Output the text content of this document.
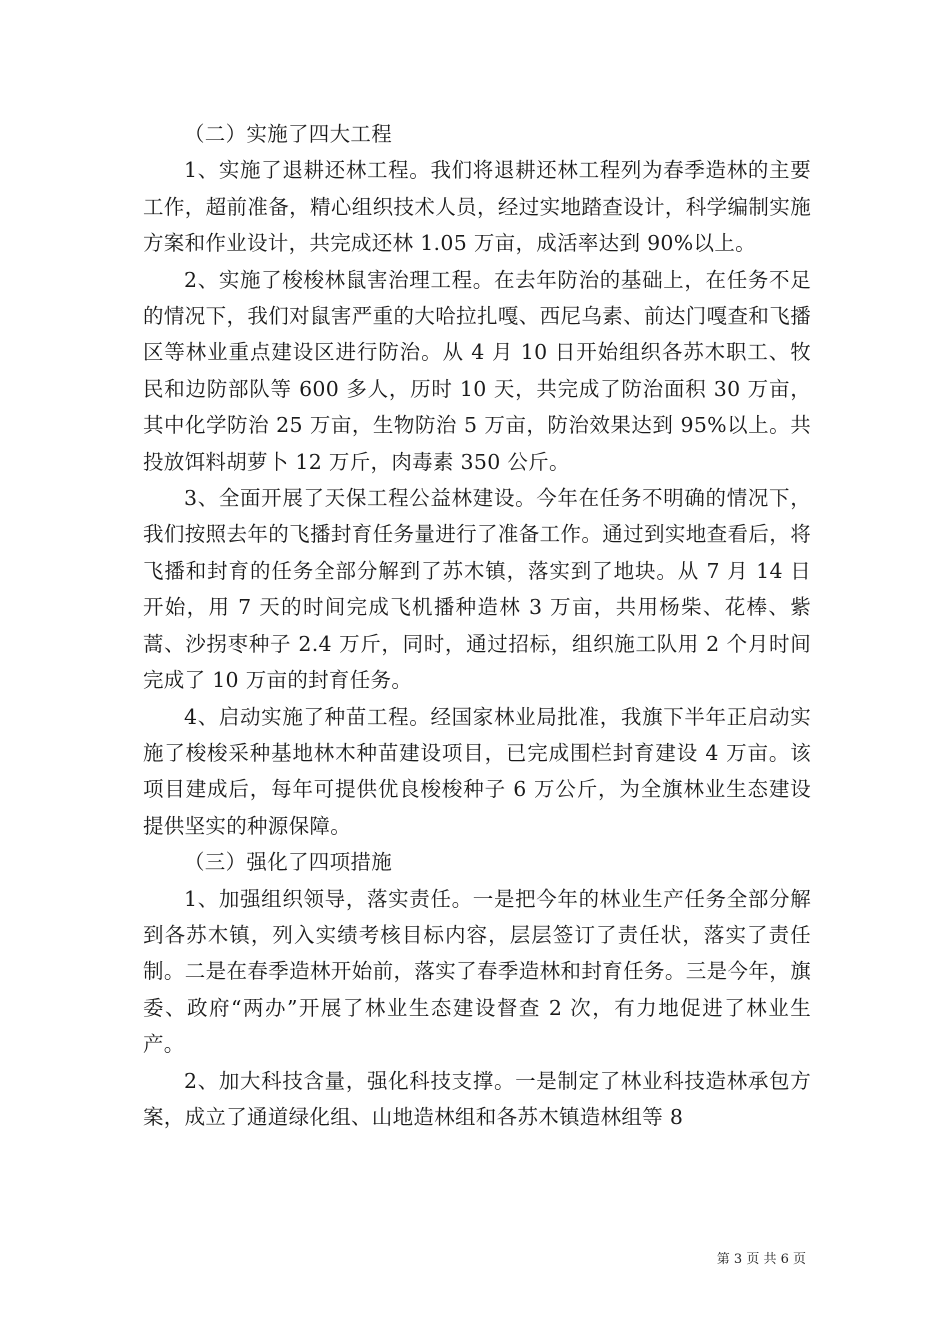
（二）实施了四大工程

1、实施了退耕还林工程。我们将退耕还林工程列为春季造林的主要工作，超前准备，精心组织技术人员，经过实地踏查设计，科学编制实施方案和作业设计，共完成还林 1.05 万亩，成活率达到 90%以上。

2、实施了梭梭林鼠害治理工程。在去年防治的基础上，在任务不足的情况下，我们对鼠害严重的大哈拉扎嘎、西尼乌素、前达门嘎查和飞播区等林业重点建设区进行防治。从 4 月 10 日开始组织各苏木职工、牧民和边防部队等 600 多人，历时 10 天，共完成了防治面积 30 万亩，其中化学防治 25 万亩，生物防治 5 万亩，防治效果达到 95%以上。共投放饵料胡萝卜 12 万斤，肉毒素 350 公斤。

3、全面开展了天保工程公益林建设。今年在任务不明确的情况下，我们按照去年的飞播封育任务量进行了准备工作。通过到实地查看后，将飞播和封育的任务全部分解到了苏木镇，落实到了地块。从 7 月 14 日开始，用 7 天的时间完成飞机播种造林 3 万亩，共用杨柴、花棒、紫蒿、沙拐枣种子 2.4 万斤，同时，通过招标，组织施工队用 2 个月时间完成了 10 万亩的封育任务。

4、启动实施了种苗工程。经国家林业局批准，我旗下半年正启动实施了梭梭采种基地林木种苗建设项目，已完成围栏封育建设 4 万亩。该项目建成后，每年可提供优良梭梭种子 6 万公斤，为全旗林业生态建设提供坚实的种源保障。

（三）强化了四项措施

1、加强组织领导，落实责任。一是把今年的林业生产任务全部分解到各苏木镇，列入实绩考核目标内容，层层签订了责任状，落实了责任制。二是在春季造林开始前，落实了春季造林和封育任务。三是今年，旗委、政府“两办”开展了林业生态建设督查 2 次，有力地促进了林业生产。

2、加大科技含量，强化科技支撑。一是制定了林业科技造林承包方案，成立了通道绿化组、山地造林组和各苏木镇造林组等 8

第 3 页 共 6 页
